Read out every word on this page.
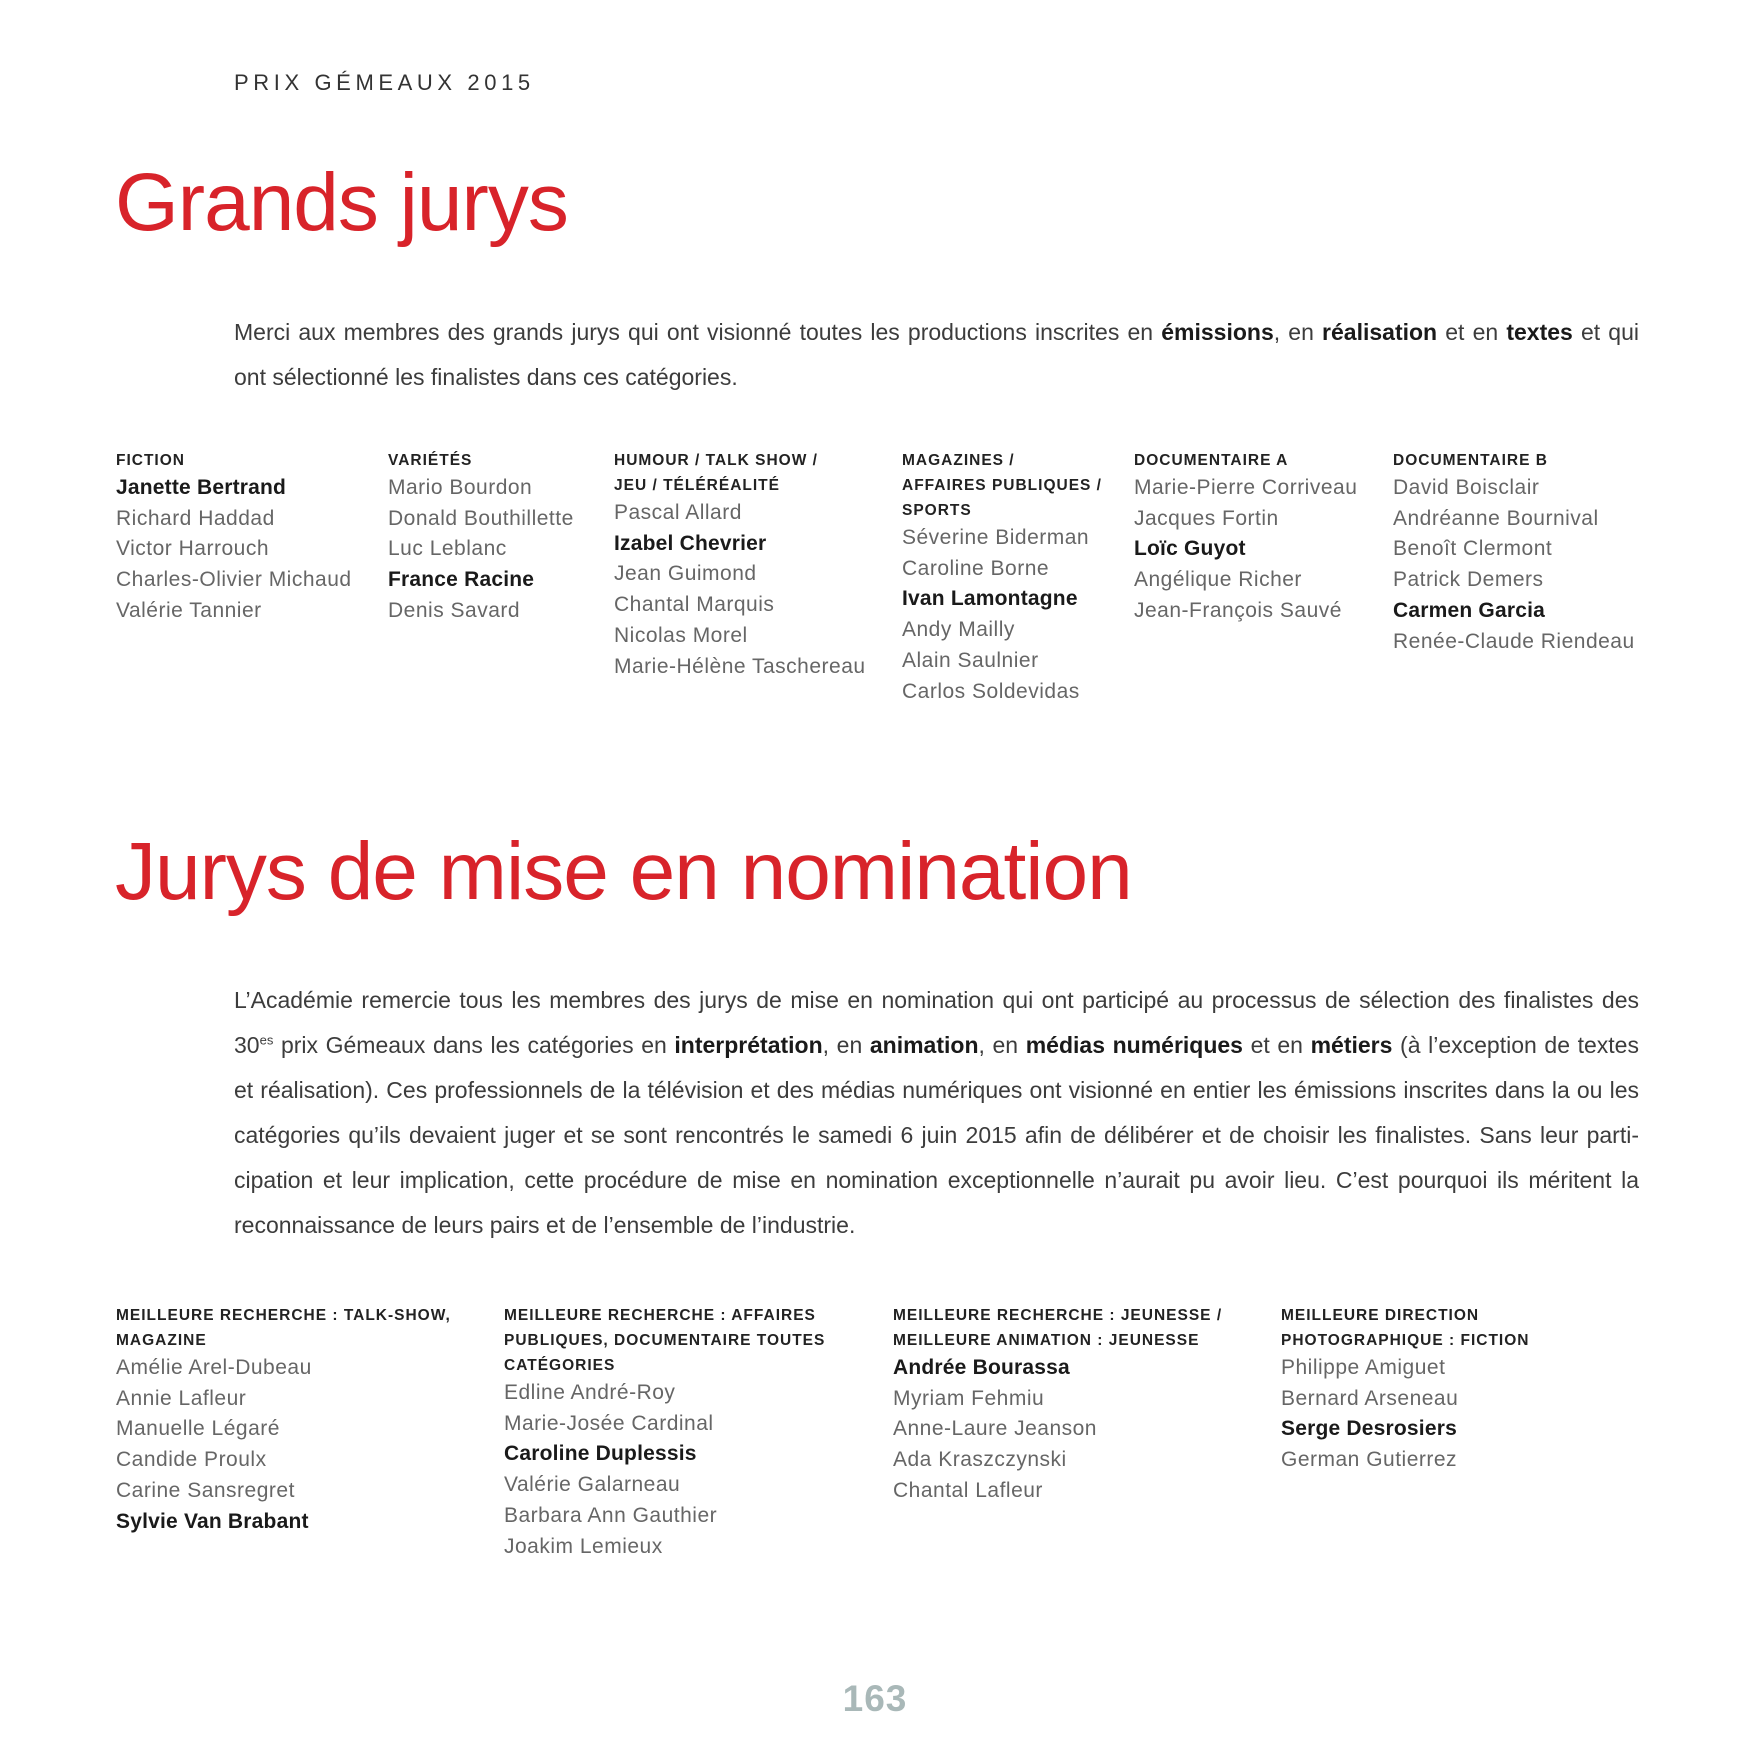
PRIX GÉMEAUX 2015
Grands jurys

Merci aux membres des grands jurys qui ont visionné toutes les productions inscrites en émissions, en réalisation et en textes et qui ont sélectionné les finalistes dans ces catégories.

FICTION
Janette Bertrand
Richard Haddad
Victor Harrouch
Charles-Olivier Michaud
Valérie Tannier
VARIÉTÉS
Mario Bourdon
Donald Bouthillette
Luc Leblanc
France Racine
Denis Savard
HUMOUR / TALK SHOW / JEU / TÉLÉRÉALITÉ
Pascal Allard
Izabel Chevrier
Jean Guimond
Chantal Marquis
Nicolas Morel
Marie-Hélène Taschereau
MAGAZINES / AFFAIRES PUBLIQUES / SPORTS
Séverine Biderman
Caroline Borne
Ivan Lamontagne
Andy Mailly
Alain Saulnier
Carlos Soldevidas
DOCUMENTAIRE A
Marie-Pierre Corriveau
Jacques Fortin
Loïc Guyot
Angélique Richer
Jean-François Sauvé
DOCUMENTAIRE B
David Boisclair
Andréanne Bournival
Benoît Clermont
Patrick Demers
Carmen Garcia
Renée-Claude Riendeau
Jurys de mise en nomination

L’Académie remercie tous les membres des jurys de mise en nomination qui ont participé au processus de sélection des finalistes des $30^{es}$ prix Gémeaux dans les catégories en interprétation, en animation, en médias numériques et en métiers (à l’exception de textes et réalisation). Ces professionnels de la télévision et des médias numériques ont visionné en entier les émissions inscrites dans la ou les catégories qu’ils devaient juger et se sont rencontrés le samedi 6 juin 2015 afin de délibérer et de choisir les finalistes. Sans leur participation et leur implication, cette procédure de mise en nomination exceptionnelle n’aurait pu avoir lieu. C’est pourquoi ils méritent la reconnaissance de leurs pairs et de l’ensemble de l’industrie.

MEILLEURE RECHERCHE : TALK-SHOW, MAGAZINE
Amélie Arel-Dubeau
Annie Lafleur
Manuelle Légaré
Candide Proulx
Carine Sansregret
Sylvie Van Brabant
MEILLEURE RECHERCHE : AFFAIRES PUBLIQUES, DOCUMENTAIRE TOUTES CATÉGORIES
Edline André-Roy
Marie-Josée Cardinal
Caroline Duplessis
Valérie Galarneau
Barbara Ann Gauthier
Joakim Lemieux
MEILLEURE RECHERCHE : JEUNESSE / MEILLEURE ANIMATION : JEUNESSE
Andrée Bourassa
Myriam Fehmiu
Anne-Laure Jeanson
Ada Kraszczynski
Chantal Lafleur
MEILLEURE DIRECTION PHOTOGRAPHIQUE : FICTION
Philippe Amiguet
Bernard Arseneau
Serge Desrosiers
German Gutierrez
163
